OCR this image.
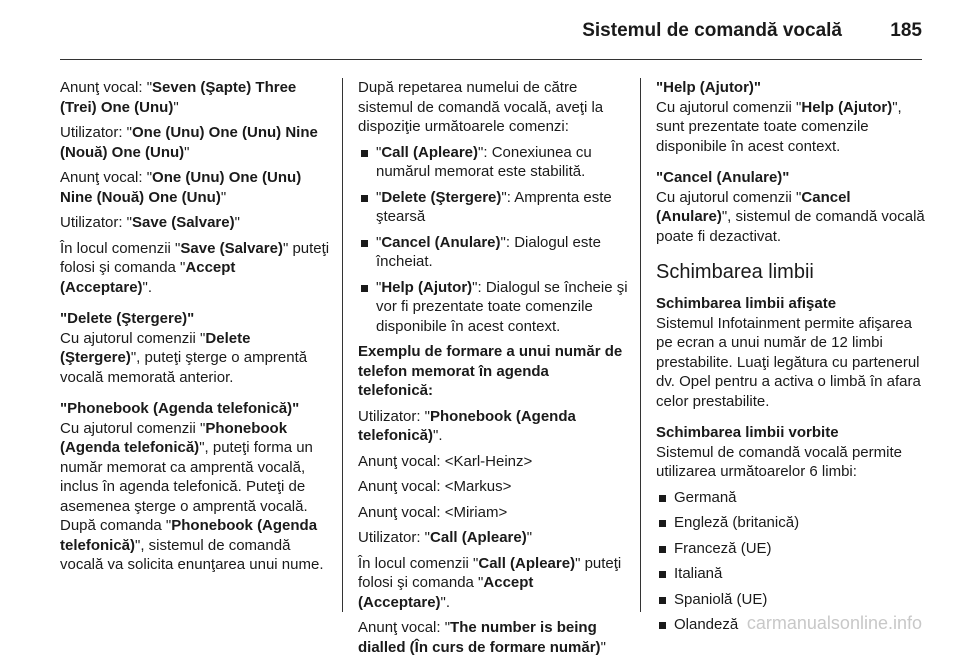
Sistemul de comandă vocală	185

Anunţ vocal: "Seven (Şapte) Three (Trei) One (Unu)"

Utilizator: "One (Unu) One (Unu) Nine (Nouă) One (Unu)"

Anunţ vocal: "One (Unu) One (Unu) Nine (Nouă) One (Unu)"

Utilizator: "Save (Salvare)"

În locul comenzii "Save (Salvare)" puteţi folosi şi comanda "Accept (Acceptare)".

"Delete (Ştergere)"
Cu ajutorul comenzii "Delete (Ştergere)", puteţi şterge o amprentă vocală memorată anterior.

"Phonebook (Agenda telefonică)"
Cu ajutorul comenzii "Phonebook (Agenda telefonică)", puteţi forma un număr memorat ca amprentă vocală, inclus în agenda telefonică. Puteţi de asemenea şterge o amprentă vocală. După comanda "Phonebook (Agenda telefonică)", sistemul de comandă vocală va solicita enunţarea unui nume.

După repetarea numelui de către sistemul de comandă vocală, aveţi la dispoziţie următoarele comenzi:

"Call (Apleare)": Conexiunea cu numărul memorat este stabilită.
"Delete (Ştergere)": Amprenta este ştearsă
"Cancel (Anulare)": Dialogul este încheiat.
"Help (Ajutor)": Dialogul se încheie şi vor fi prezentate toate comenzile disponibile în acest context.

Exemplu de formare a unui număr de telefon memorat în agenda telefonică:

Utilizator: "Phonebook (Agenda telefonică)".

Anunţ vocal: <Karl-Heinz>

Anunţ vocal: <Markus>

Anunţ vocal: <Miriam>

Utilizator: "Call (Apleare)"

În locul comenzii "Call (Apleare)" puteţi folosi şi comanda "Accept (Acceptare)".

Anunţ vocal: "The number is being dialled (În curs de formare număr)"

"Help (Ajutor)"
Cu ajutorul comenzii "Help (Ajutor)", sunt prezentate toate comenzile disponibile în acest context.

"Cancel (Anulare)"
Cu ajutorul comenzii "Cancel (Anulare)", sistemul de comandă vocală poate fi dezactivat.

Schimbarea limbii

Schimbarea limbii afişate
Sistemul Infotainment permite afişarea pe ecran a unui număr de 12 limbi prestabilite. Luaţi legătura cu partenerul dv. Opel pentru a activa o limbă în afara celor prestabilite.

Schimbarea limbii vorbite
Sistemul de comandă vocală permite utilizarea următoarelor 6 limbi:

Germană
Engleză (britanică)
Franceză (UE)
Italiană
Spaniolă (UE)
Olandeză carmanualsonline.info
